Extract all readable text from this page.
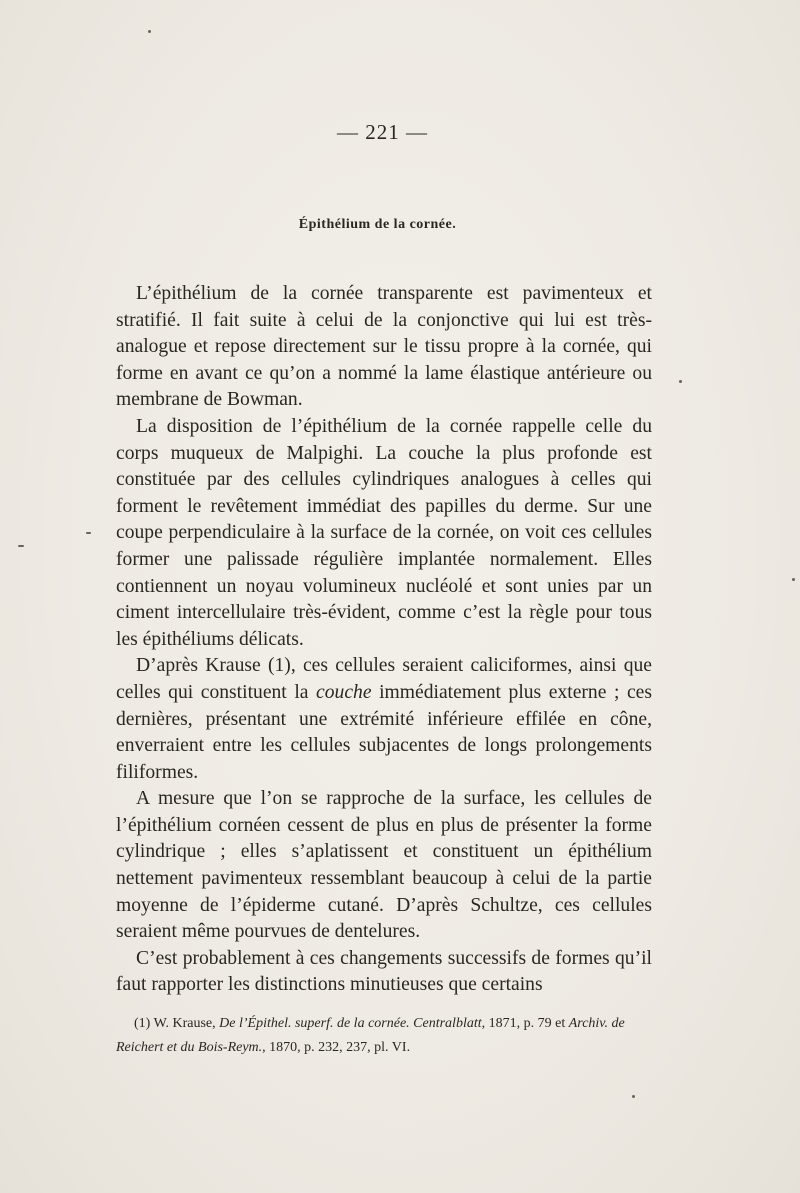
— 221 —
Épithélium de la cornée.

L’épithélium de la cornée transparente est pavimenteux et stratifié. Il fait suite à celui de la conjonctive qui lui est très-analogue et repose directement sur le tissu propre à la cornée, qui forme en avant ce qu’on a nommé la lame élastique antérieure ou membrane de Bowman.

La disposition de l’épithélium de la cornée rappelle celle du corps muqueux de Malpighi. La couche la plus profonde est constituée par des cellules cylindriques analogues à celles qui forment le revêtement immédiat des papilles du derme. Sur une coupe perpendiculaire à la surface de la cornée, on voit ces cellules former une palissade régulière implantée normalement. Elles contiennent un noyau volumineux nucléolé et sont unies par un ciment intercellulaire très-évident, comme c’est la règle pour tous les épithéliums délicats.

D’après Krause (1), ces cellules seraient caliciformes, ainsi que celles qui constituent la couche immédiatement plus externe ; ces dernières, présentant une extrémité inférieure effilée en cône, enverraient entre les cellules subjacentes de longs prolongements filiformes.

A mesure que l’on se rapproche de la surface, les cellules de l’épithélium cornéen cessent de plus en plus de présenter la forme cylindrique ; elles s’aplatissent et constituent un épithélium nettement pavimenteux ressemblant beaucoup à celui de la partie moyenne de l’épiderme cutané. D’après Schultze, ces cellules seraient même pourvues de dentelures.

C’est probablement à ces changements successifs de formes qu’il faut rapporter les distinctions minutieuses que certains

(1) W. Krause, De l’Épithel. superf. de la cornée. Centralblatt, 1871, p. 79 et Archiv. de Reichert et du Bois-Reym., 1870, p. 232, 237, pl. VI.
